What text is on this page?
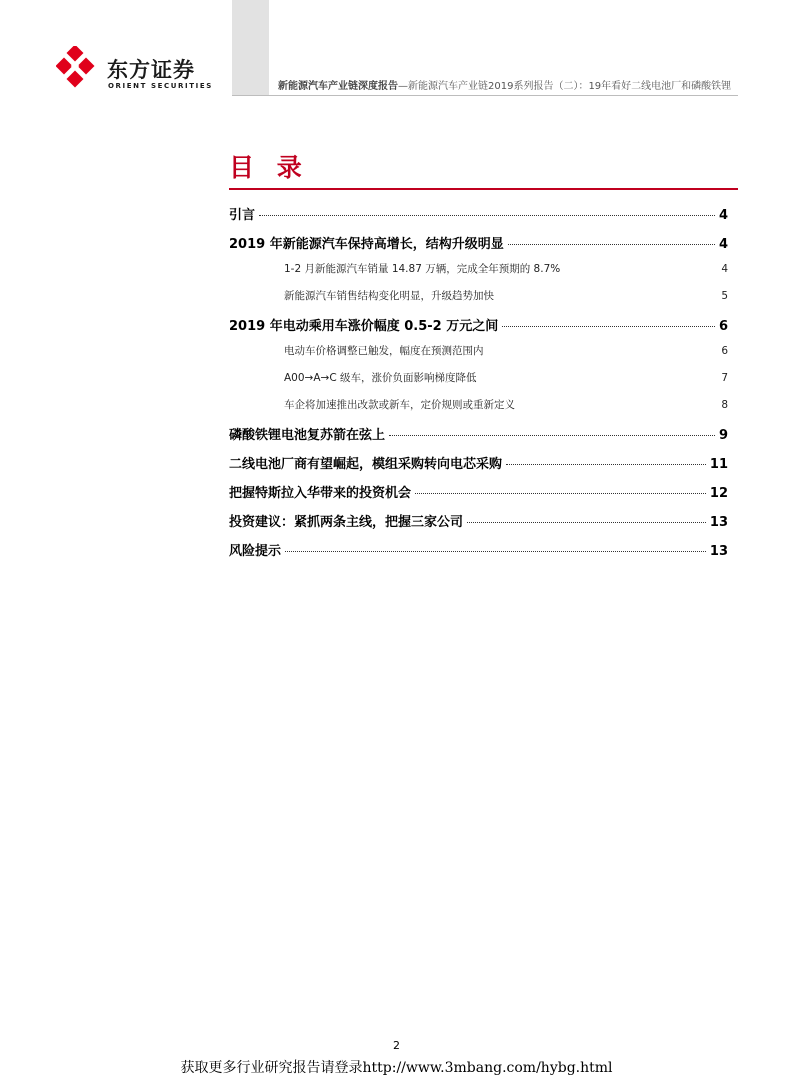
东方证券
ORIENT SECURITIES	新能源汽车产业链深度报告—新能源汽车产业链2019系列报告（二）：19年看好二线电池厂和磷酸铁锂
目 录
引言	4
2019 年新能源汽车保持高增长，结构升级明显	4
1-2 月新能源汽车销量 14.87 万辆，完成全年预期的 8.7%	4
新能源汽车销售结构变化明显，升级趋势加快	5
2019 年电动乘用车涨价幅度 0.5-2 万元之间	6
电动车价格调整已触发，幅度在预测范围内	6
A00→A→C 级车，涨价负面影响梯度降低	7
车企将加速推出改款或新车，定价规则或重新定义	8
磷酸铁锂电池复苏箭在弦上	9
二线电池厂商有望崛起，模组采购转向电芯采购	11
把握特斯拉入华带来的投资机会	12
投资建议：紧抓两条主线，把握三家公司	13
风险提示	13
2
获取更多行业研究报告请登录http://www.3mbang.com/hybg.html
